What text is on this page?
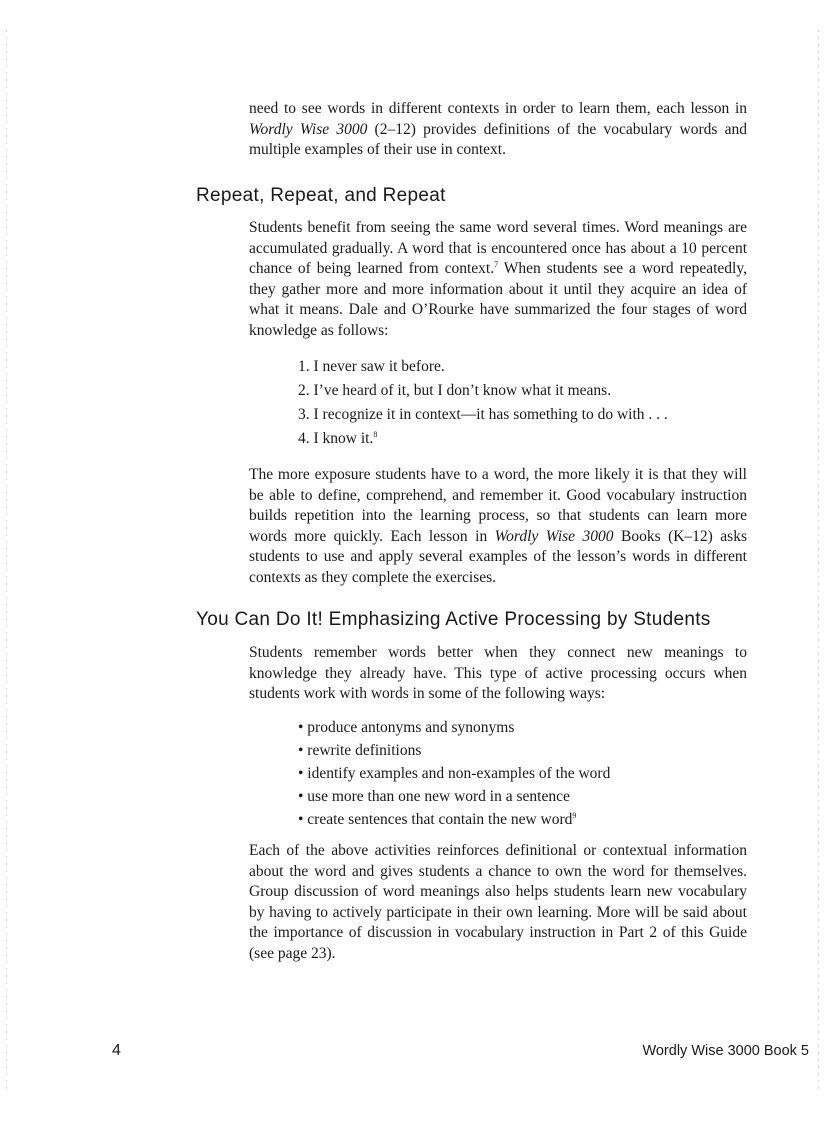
need to see words in different contexts in order to learn them, each lesson in Wordly Wise 3000 (2–12) provides definitions of the vocabulary words and multiple examples of their use in context.

Repeat, Repeat, and Repeat

Students benefit from seeing the same word several times. Word meanings are accumulated gradually. A word that is encountered once has about a 10 percent chance of being learned from context.$^7$ When students see a word repeatedly, they gather more and more information about it until they acquire an idea of what it means. Dale and O’Rourke have summarized the four stages of word knowledge as follows:

1. I never saw it before.
2. I’ve heard of it, but I don’t know what it means.
3. I recognize it in context—it has something to do with . . .
4. I know it.$^8$

The more exposure students have to a word, the more likely it is that they will be able to define, comprehend, and remember it. Good vocabulary instruction builds repetition into the learning process, so that students can learn more words more quickly. Each lesson in Wordly Wise 3000 Books (K–12) asks students to use and apply several examples of the lesson’s words in different contexts as they complete the exercises.

You Can Do It! Emphasizing Active Processing by Students

Students remember words better when they connect new meanings to knowledge they already have. This type of active processing occurs when students work with words in some of the following ways:

• produce antonyms and synonyms
• rewrite definitions
• identify examples and non-examples of the word
• use more than one new word in a sentence
• create sentences that contain the new word$^9$

Each of the above activities reinforces definitional or contextual information about the word and gives students a chance to own the word for themselves. Group discussion of word meanings also helps students learn new vocabulary by having to actively participate in their own learning. More will be said about the importance of discussion in vocabulary instruction in Part 2 of this Guide (see page 23).

4	Wordly Wise 3000 Book 5
